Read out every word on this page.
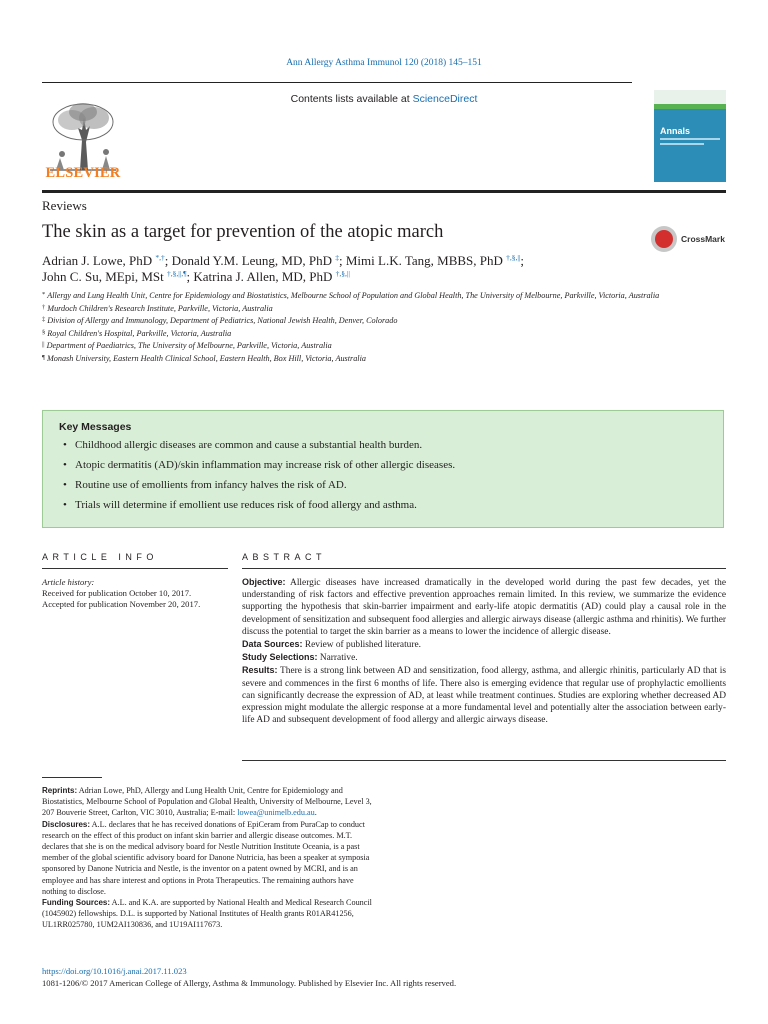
Ann Allergy Asthma Immunol 120 (2018) 145–151
ELSEVIER
Contents lists available at ScienceDirect
Annals
Reviews
The skin as a target for prevention of the atopic march	CrossMark
Adrian J. Lowe, PhD *,†; Donald Y.M. Leung, MD, PhD ‡; Mimi L.K. Tang, MBBS, PhD †,§,||;
John C. Su, MEpi, MSt †,§,||,¶; Katrina J. Allen, MD, PhD †,§,||

* Allergy and Lung Health Unit, Centre for Epidemiology and Biostatistics, Melbourne School of Population and Global Health, The University of Melbourne, Parkville, Victoria, Australia

† Murdoch Children's Research Institute, Parkville, Victoria, Australia

‡ Division of Allergy and Immunology, Department of Pediatrics, National Jewish Health, Denver, Colorado

§ Royal Children's Hospital, Parkville, Victoria, Australia

|| Department of Paediatrics, The University of Melbourne, Parkville, Victoria, Australia

¶ Monash University, Eastern Health Clinical School, Eastern Health, Box Hill, Victoria, Australia

Key Messages
• Childhood allergic diseases are common and cause a substantial health burden.
• Atopic dermatitis (AD)/skin inflammation may increase risk of other allergic diseases.
• Routine use of emollients from infancy halves the risk of AD.
• Trials will determine if emollient use reduces risk of food allergy and asthma.
ARTICLE INFO	ABSTRACT
Article history:
Received for publication October 10, 2017.
Accepted for publication November 20, 2017.

Objective: Allergic diseases have increased dramatically in the developed world during the past few decades, yet the understanding of risk factors and effective prevention approaches remain limited. In this review, we summarize the evidence supporting the hypothesis that skin-barrier impairment and early-life atopic dermatitis (AD) could play a causal role in the development of sensitization and subsequent food allergies and allergic airways disease (allergic asthma and rhinitis). We further discuss the potential to target the skin barrier as a means to lower the incidence of allergic disease.

Data Sources: Review of published literature.

Study Selections: Narrative.

Results: There is a strong link between AD and sensitization, food allergy, asthma, and allergic rhinitis, particularly AD that is severe and commences in the first 6 months of life. There also is emerging evidence that regular use of prophylactic emollients can significantly decrease the expression of AD, at least while treatment continues. Studies are exploring whether decreased AD expression might modulate the allergic response at a more fundamental level and potentially alter the association between early-life AD and subsequent development of food allergy and allergic airways disease.

Reprints: Adrian Lowe, PhD, Allergy and Lung Health Unit, Centre for Epidemiology and Biostatistics, Melbourne School of Population and Global Health, University of Melbourne, Level 3, 207 Bouverie Street, Carlton, VIC 3010, Australia; E-mail: lowea@unimelb.edu.au.

Disclosures: A.L. declares that he has received donations of EpiCeram from PuraCap to conduct research on the effect of this product on infant skin barrier and allergic disease outcomes. M.T. declares that she is on the medical advisory board for Nestle Nutrition Institute Oceania, is a past member of the global scientific advisory board for Danone Nutricia, has been a speaker at symposia sponsored by Danone Nutricia and Nestle, is the inventor on a patent owned by MCRI, and is an employee and has share interest and options in Prota Therapeutics. The remaining authors have nothing to disclose.

Funding Sources: A.L. and K.A. are supported by National Health and Medical Research Council (1045902) fellowships. D.L. is supported by National Institutes of Health grants R01AR41256, UL1RR025780, 1UM2AI130836, and 1U19AI117673.

https://doi.org/10.1016/j.anai.2017.11.023
1081-1206/© 2017 American College of Allergy, Asthma & Immunology. Published by Elsevier Inc. All rights reserved.
